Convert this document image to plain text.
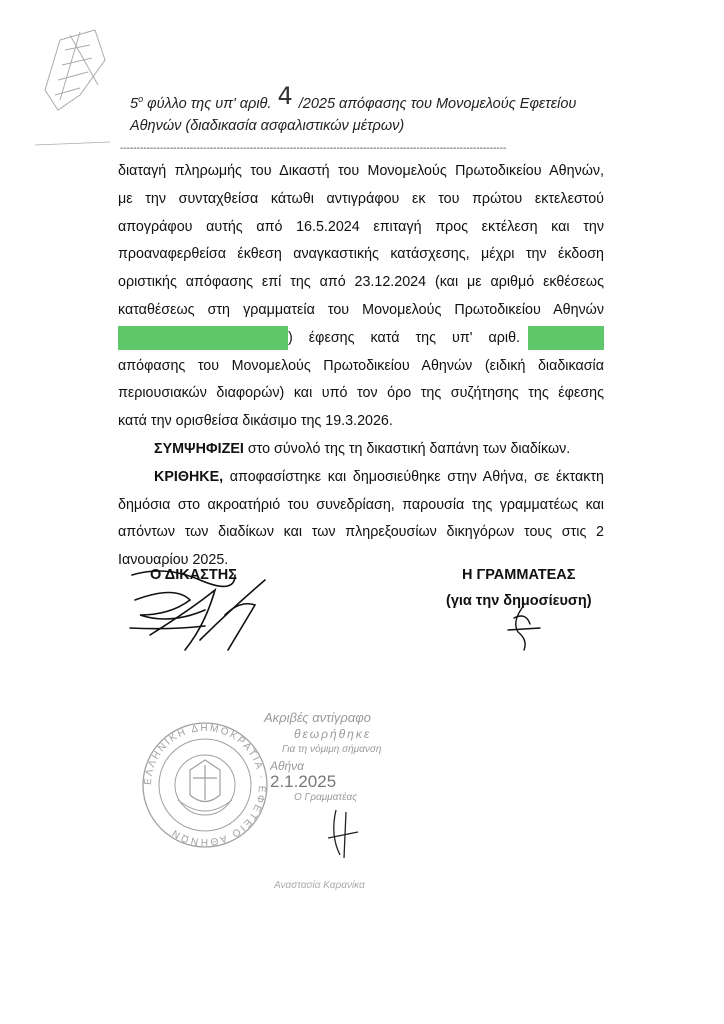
$5^o$ φύλλο της υπ' αριθ. 4 /2025 απόφασης του Μονομελούς Εφετείου
Αθηνών (διαδικασία ασφαλιστικών μέτρων)
--------------------------------------------------------------------------------------------------------------------
διαταγή πληρωμής του Δικαστή του Μονομελούς Πρωτοδικείου Αθηνών,
με την συνταχθείσα κάτωθι αντιγράφου εκ του πρώτου εκτελεστού
απογράφου αυτής από 16.5.2024 επιταγή προς εκτέλεση και την
προαναφερθείσα έκθεση αναγκαστικής κατάσχεσης, μέχρι την έκδοση
οριστικής απόφασης επί της από 23.12.2024 (και με αριθμό εκθέσεως
καταθέσεως στη γραμματεία του Μονομελούς Πρωτοδικείου Αθηνών
) έφεσης κατά της υπ' αριθ.
απόφασης του Μονομελούς Πρωτοδικείου Αθηνών (ειδική διαδικασία
περιουσιακών διαφορών) και υπό τον όρο της συζήτησης της έφεσης
κατά την ορισθείσα δικάσιμο της 19.3.2026.
ΣΥΜΨΗΦΙΖΕΙ στο σύνολό της τη δικαστική δαπάνη των διαδίκων.
ΚΡΙΘΗΚΕ, αποφασίστηκε και δημοσιεύθηκε στην Αθήνα, σε έκτακτη
δημόσια στο ακροατήριό του συνεδρίαση, παρουσία της γραμματέως και
απόντων των διαδίκων και των πληρεξουσίων δικηγόρων τους στις 2
Ιανουαρίου 2025.
Ο ΔΙΚΑΣΤΗΣ	Η ΓΡΑΜΜΑΤΕΑΣ
(για την δημοσίευση)
ΕΛΛΗΝΙΚΗ ΔΗΜΟΚΡΑΤΙΑ · ΕΦΕΤΕΙΟ ΑΘΗΝΩΝ
Ακριβές αντίγραφο
θεωρήθηκε
Για τη νόμιμη σήμανση
Αθήνα
2.1.2025
Ο Γραμματέας
Αναστασία Καρανίκα
